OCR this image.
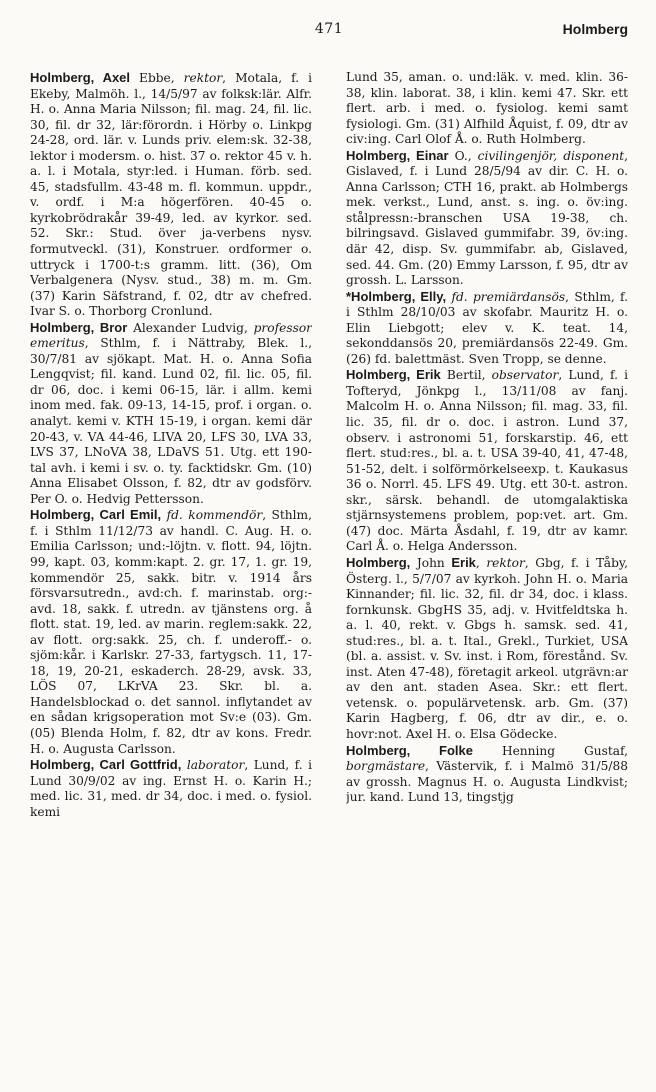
471	Holmberg

Holmberg, Axel Ebbe, rektor, Motala, f. i Ekeby, Malmöh. l., 14/5/97 av folksk:lär. Alfr. H. o. Anna Maria Nilsson; fil. mag. 24, fil. lic. 30, fil. dr 32, lär:förordn. i Hörby o. Linkpg 24-28, ord. lär. v. Lunds priv. elem:sk. 32-38, lektor i modersm. o. hist. 37 o. rektor 45 v. h. a. l. i Motala, styr:led. i Human. förb. sed. 45, stadsfullm. 43-48 m. fl. kommun. uppdr., v. ordf. i M:a högerfören. 40-45 o. kyrkobrödrakår 39-49, led. av kyrkor. sed. 52. Skr.: Stud. över ja-verbens nysv. formutveckl. (31), Konstruer. ordformer o. uttryck i 1700-t:s gramm. litt. (36), Om Verbalgenera (Nysv. stud., 38) m. m. Gm. (37) Karin Säfstrand, f. 02, dtr av chefred. Ivar S. o. Thorborg Cronlund.

Holmberg, Bror Alexander Ludvig, professor emeritus, Sthlm, f. i Nättraby, Blek. l., 30/7/81 av sjökapt. Mat. H. o. Anna Sofia Lengqvist; fil. kand. Lund 02, fil. lic. 05, fil. dr 06, doc. i kemi 06-15, lär. i allm. kemi inom med. fak. 09-13, 14-15, prof. i organ. o. analyt. kemi v. KTH 15-19, i organ. kemi där 20-43, v. VA 44-46, LIVA 20, LFS 30, LVA 33, LVS 37, LNoVA 38, LDaVS 51. Utg. ett 190-tal avh. i kemi i sv. o. ty. facktidskr. Gm. (10) Anna Elisabet Olsson, f. 82, dtr av godsförv. Per O. o. Hedvig Pettersson.

Holmberg, Carl Emil, fd. kommendör, Sthlm, f. i Sthlm 11/12/73 av handl. C. Aug. H. o. Emilia Carlsson; und:-löjtn. v. flott. 94, löjtn. 99, kapt. 03, komm:kapt. 2. gr. 17, 1. gr. 19, kommendör 25, sakk. bitr. v. 1914 års försvarsutredn., avd:ch. f. marinstab. org:-avd. 18, sakk. f. utredn. av tjänstens org. å flott. stat. 19, led. av marin. reglem:sakk. 22, av flott. org:sakk. 25, ch. f. underoff.- o. sjöm:kår. i Karlskr. 27-33, fartygsch. 11, 17-18, 19, 20-21, eskaderch. 28-29, avsk. 33, LÖS 07, LKrVA 23. Skr. bl. a. Handelsblockad o. det sannol. inflytandet av en sådan krigsoperation mot Sv:e (03). Gm. (05) Blenda Holm, f. 82, dtr av kons. Fredr. H. o. Augusta Carlsson.

Holmberg, Carl Gottfrid, laborator, Lund, f. i Lund 30/9/02 av ing. Ernst H. o. Karin H.; med. lic. 31, med. dr 34, doc. i med. o. fysiol. kemi

Lund 35, aman. o. und:läk. v. med. klin. 36-38, klin. laborat. 38, i klin. kemi 47. Skr. ett flert. arb. i med. o. fysiolog. kemi samt fysiologi. Gm. (31) Alfhild Åquist, f. 09, dtr av civ:ing. Carl Olof Å. o. Ruth Holmberg.

Holmberg, Einar O., civilingenjör, disponent, Gislaved, f. i Lund 28/5/94 av dir. C. H. o. Anna Carlsson; CTH 16, prakt. ab Holmbergs mek. verkst., Lund, anst. s. ing. o. öv:ing. stålpressn:-branschen USA 19-38, ch. bilringsavd. Gislaved gummifabr. 39, öv:ing. där 42, disp. Sv. gummifabr. ab, Gislaved, sed. 44. Gm. (20) Emmy Larsson, f. 95, dtr av grossh. L. Larsson.

*Holmberg, Elly, fd. premiärdansös, Sthlm, f. i Sthlm 28/10/03 av skofabr. Mauritz H. o. Elin Liebgott; elev v. K. teat. 14, sekonddansös 20, premiärdansös 22-49. Gm. (26) fd. balettmäst. Sven Tropp, se denne.

Holmberg, Erik Bertil, observator, Lund, f. i Tofteryd, Jönkpg l., 13/11/08 av fanj. Malcolm H. o. Anna Nilsson; fil. mag. 33, fil. lic. 35, fil. dr o. doc. i astron. Lund 37, observ. i astronomi 51, forskarstip. 46, ett flert. stud:res., bl. a. t. USA 39-40, 41, 47-48, 51-52, delt. i solförmörkelseexp. t. Kaukasus 36 o. Norrl. 45. LFS 49. Utg. ett 30-t. astron. skr., särsk. behandl. de utomgalaktiska stjärnsystemens problem, pop:vet. art. Gm. (47) doc. Märta Åsdahl, f. 19, dtr av kamr. Carl Å. o. Helga Andersson.

Holmberg, John Erik, rektor, Gbg, f. i Tåby, Österg. l., 5/7/07 av kyrkoh. John H. o. Maria Kinnander; fil. lic. 32, fil. dr 34, doc. i klass. fornkunsk. GbgHS 35, adj. v. Hvitfeldtska h. a. l. 40, rekt. v. Gbgs h. samsk. sed. 41, stud:res., bl. a. t. Ital., Grekl., Turkiet, USA (bl. a. assist. v. Sv. inst. i Rom, förestånd. Sv. inst. Aten 47-48), företagit arkeol. utgrävn:ar av den ant. staden Asea. Skr.: ett flert. vetensk. o. populärvetensk. arb. Gm. (37) Karin Hagberg, f. 06, dtr av dir., e. o. hovr:not. Axel H. o. Elsa Gödecke.

Holmberg, Folke Henning Gustaf, borgmästare, Västervik, f. i Malmö 31/5/88 av grossh. Magnus H. o. Augusta Lindkvist; jur. kand. Lund 13, tingstjg
